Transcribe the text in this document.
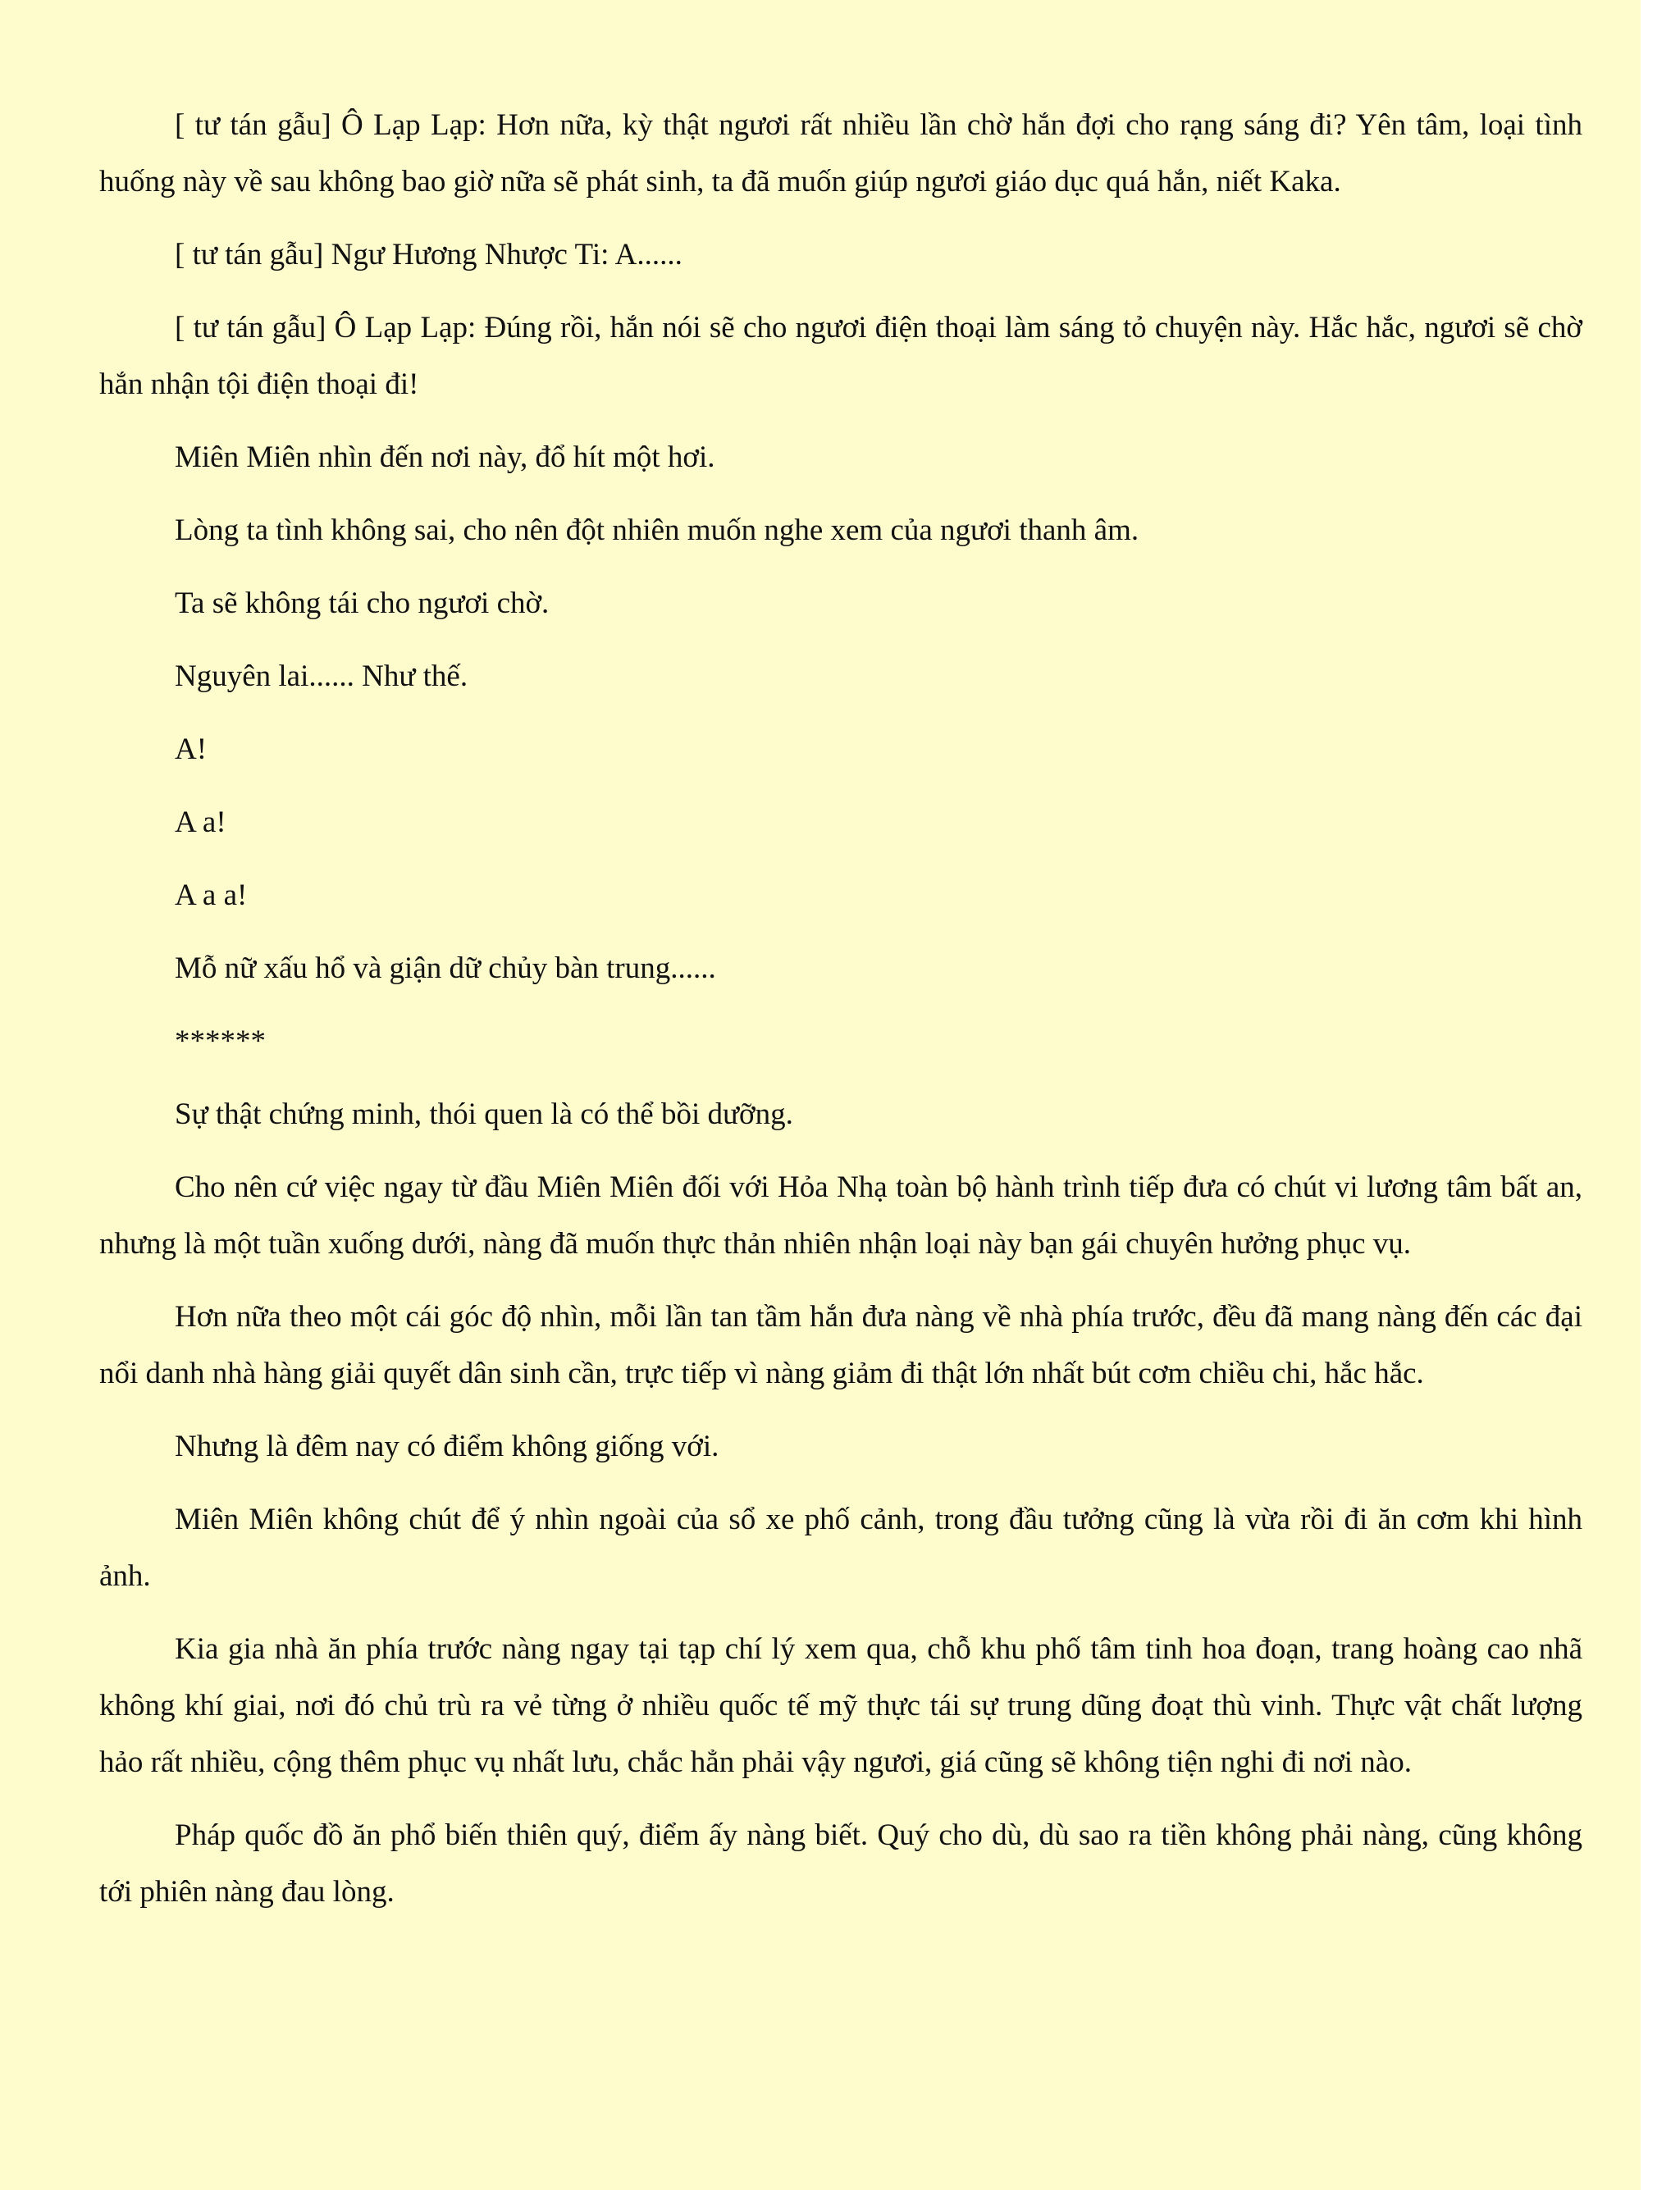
[ tư tán gẫu] Ô Lạp Lạp: Hơn nữa, kỳ thật ngươi rất nhiều lần chờ hắn đợi cho rạng sáng đi? Yên tâm, loại tình huống này về sau không bao giờ nữa sẽ phát sinh, ta đã muốn giúp ngươi giáo dục quá hắn, niết Kaka.

[ tư tán gẫu] Ngư Hương Nhược Ti: A......

[ tư tán gẫu] Ô Lạp Lạp: Đúng rồi, hắn nói sẽ cho ngươi điện thoại làm sáng tỏ chuyện này. Hắc hắc, ngươi sẽ chờ hắn nhận tội điện thoại đi!

Miên Miên nhìn đến nơi này, đổ hít một hơi.

Lòng ta tình không sai, cho nên đột nhiên muốn nghe xem của ngươi thanh âm.

Ta sẽ không tái cho ngươi chờ.

Nguyên lai...... Như thế.

A!

A a!

A a a!

Mỗ nữ xấu hổ và giận dữ chủy bàn trung......

******

Sự thật chứng minh, thói quen là có thể bồi dưỡng.

Cho nên cứ việc ngay từ đầu Miên Miên đối với Hỏa Nhạ toàn bộ hành trình tiếp đưa có chút vi lương tâm bất an, nhưng là một tuần xuống dưới, nàng đã muốn thực thản nhiên nhận loại này bạn gái chuyên hưởng phục vụ.

Hơn nữa theo một cái góc độ nhìn, mỗi lần tan tầm hắn đưa nàng về nhà phía trước, đều đã mang nàng đến các đại nổi danh nhà hàng giải quyết dân sinh cần, trực tiếp vì nàng giảm đi thật lớn nhất bút cơm chiều chi, hắc hắc.

Nhưng là đêm nay có điểm không giống với.

Miên Miên không chút để ý nhìn ngoài của sổ xe phố cảnh, trong đầu tưởng cũng là vừa rồi đi ăn cơm khi hình ảnh.

Kia gia nhà ăn phía trước nàng ngay tại tạp chí lý xem qua, chỗ khu phố tâm tinh hoa đoạn, trang hoàng cao nhã không khí giai, nơi đó chủ trù ra vẻ từng ở nhiều quốc tế mỹ thực tái sự trung dũng đoạt thù vinh. Thực vật chất lượng hảo rất nhiều, cộng thêm phục vụ nhất lưu, chắc hẳn phải vậy ngươi, giá cũng sẽ không tiện nghi đi nơi nào.

Pháp quốc đồ ăn phổ biến thiên quý, điểm ấy nàng biết. Quý cho dù, dù sao ra tiền không phải nàng, cũng không tới phiên nàng đau lòng.
